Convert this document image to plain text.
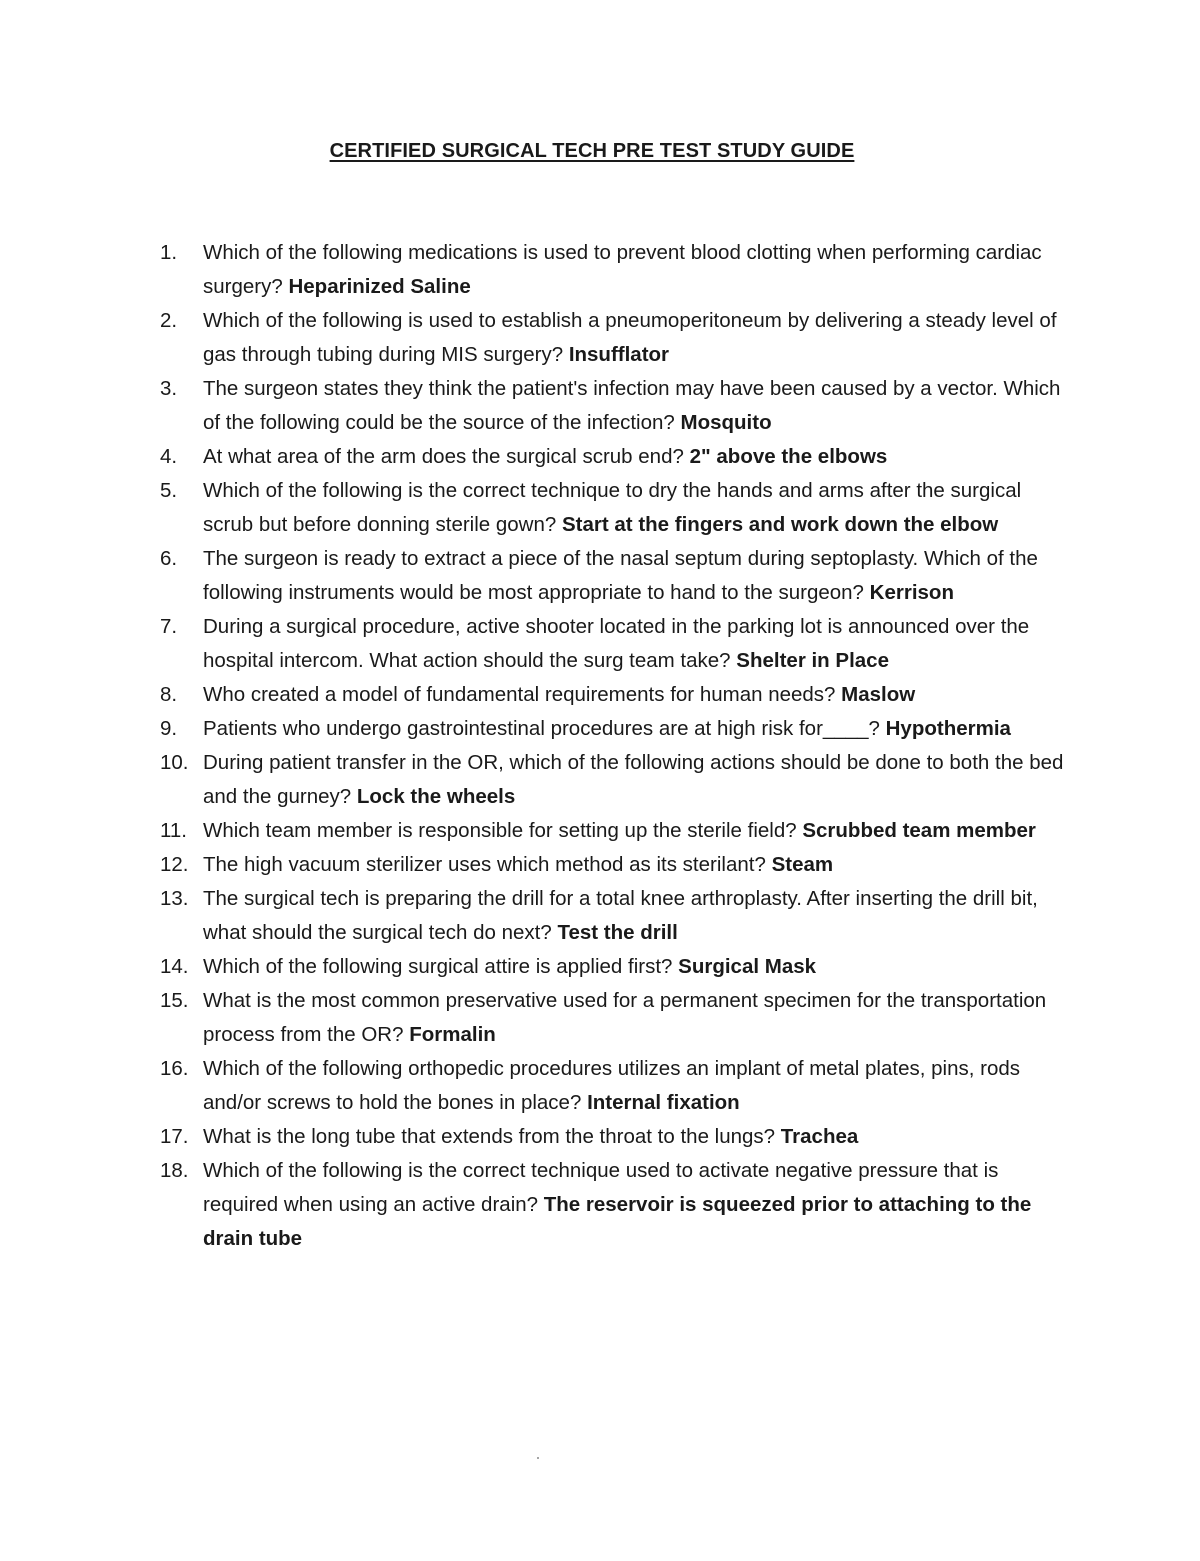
CERTIFIED SURGICAL TECH PRE TEST STUDY GUIDE
1.	Which of the following medications is used to prevent blood clotting when performing cardiac surgery? Heparinized Saline
2.	Which of the following is used to establish a pneumoperitoneum by delivering a steady level of gas through tubing during MIS surgery? Insufflator
3.	The surgeon states they think the patient's infection may have been caused by a vector. Which of the following could be the source of the infection? Mosquito
4.	At what area of the arm does the surgical scrub end? 2" above the elbows
5.	Which of the following is the correct technique to dry the hands and arms after the surgical scrub but before donning sterile gown? Start at the fingers and work down the elbow
6.	The surgeon is ready to extract a piece of the nasal septum during septoplasty. Which of the following instruments would be most appropriate to hand to the surgeon? Kerrison
7.	During a surgical procedure, active shooter located in the parking lot is announced over the hospital intercom. What action should the surg team take? Shelter in Place
8.	Who created a model of fundamental requirements for human needs? Maslow
9.	Patients who undergo gastrointestinal procedures are at high risk for____? Hypothermia
10. During patient transfer in the OR, which of the following actions should be done to both the bed and the gurney? Lock the wheels
11. Which team member is responsible for setting up the sterile field? Scrubbed team member
12. The high vacuum sterilizer uses which method as its sterilant? Steam
13. The surgical tech is preparing the drill for a total knee arthroplasty. After inserting the drill bit, what should the surgical tech do next? Test the drill
14. Which of the following surgical attire is applied first? Surgical Mask
15. What is the most common preservative used for a permanent specimen for the transportation process from the OR? Formalin
16. Which of the following orthopedic procedures utilizes an implant of metal plates, pins, rods and/or screws to hold the bones in place? Internal fixation
17. What is the long tube that extends from the throat to the lungs? Trachea
18. Which of the following is the correct technique used to activate negative pressure that is required when using an active drain? The reservoir is squeezed prior to attaching to the drain tube
